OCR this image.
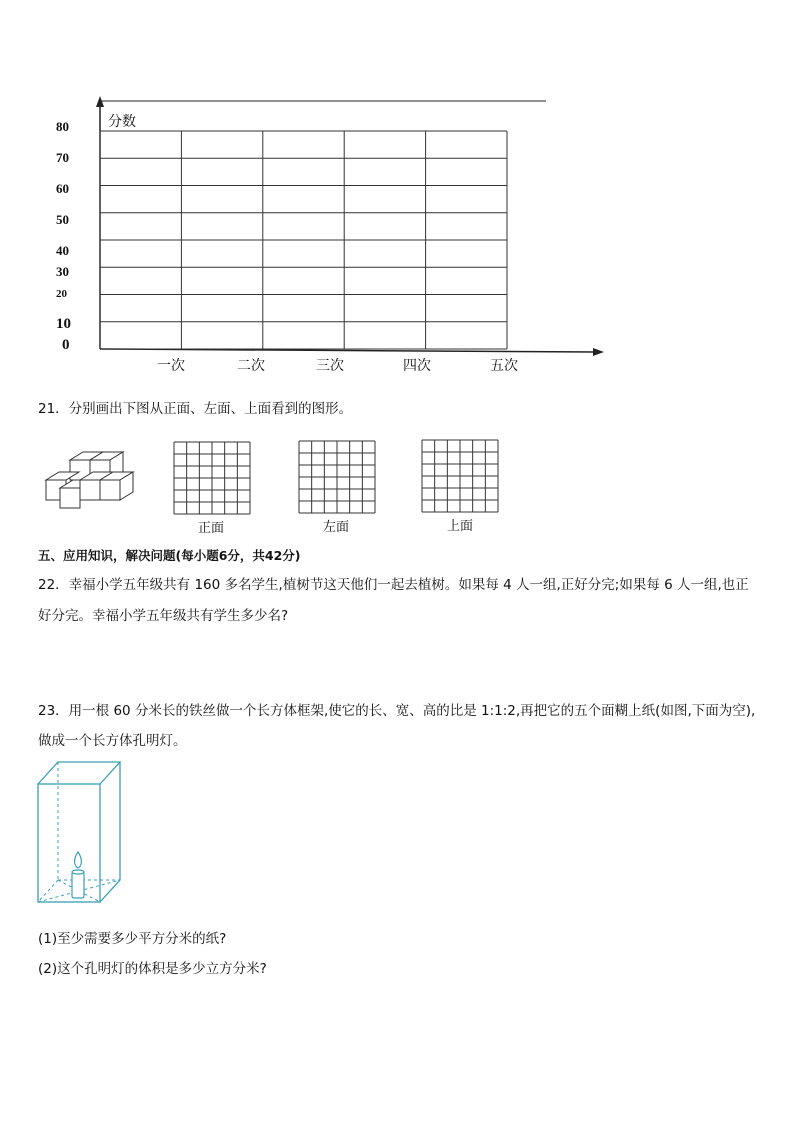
分数
80
70
60
50
40
30
20
10
0
一次	二次	三次	四次	五次
21．分别画出下图从正面、左面、上面看到的图形。
正面	左面	上面
五、应用知识，解决问题(每小题6分，共42分)
22．幸福小学五年级共有 160 多名学生,植树节这天他们一起去植树。如果每 4 人一组,正好分完;如果每 6 人一组,也正
好分完。幸福小学五年级共有学生多少名?
23．用一根 60 分米长的铁丝做一个长方体框架,使它的长、宽、高的比是 1:1:2,再把它的五个面糊上纸(如图,下面为空),
做成一个长方体孔明灯。
(1)至少需要多少平方分米的纸?
(2)这个孔明灯的体积是多少立方分米?
